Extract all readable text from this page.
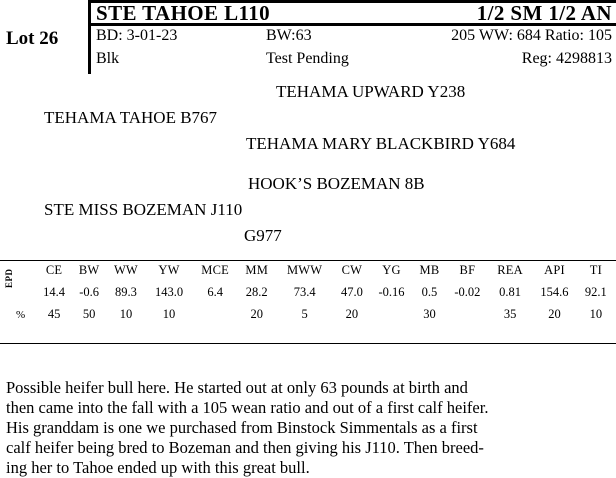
STE TAHOE L110	1/2 SM 1/2 AN
Lot 26 BD: 3-01-23	BW:63	205 WW: 684 Ratio: 105
Blk	Test Pending	Reg: 4298813
TEHAMA UPWARD Y238
TEHAMA TAHOE B767
TEHAMA MARY BLACKBIRD Y684
HOOK’S BOZEMAN 8B
STE MISS BOZEMAN J110
G977
EPD
		CE	BW	WW	YW	MCE	MM	MWW	CW	YG	MB	BF	REA	API	TI
	14.4	-0.6	89.3	143.0	6.4	28.2	73.4	47.0	-0.16	0.5	-0.02	0.81	154.6	92.1
%	45	50	10	10		20	5	20		30		35	20	10

Possible heifer bull here. He started out at only 63 pounds at birth and

then came into the fall with a 105 wean ratio and out of a first calf heifer.

His granddam is one we purchased from Binstock Simmentals as a first

calf heifer being bred to Bozeman and then giving his J110. Then breed-

ing her to Tahoe ended up with this great bull.
